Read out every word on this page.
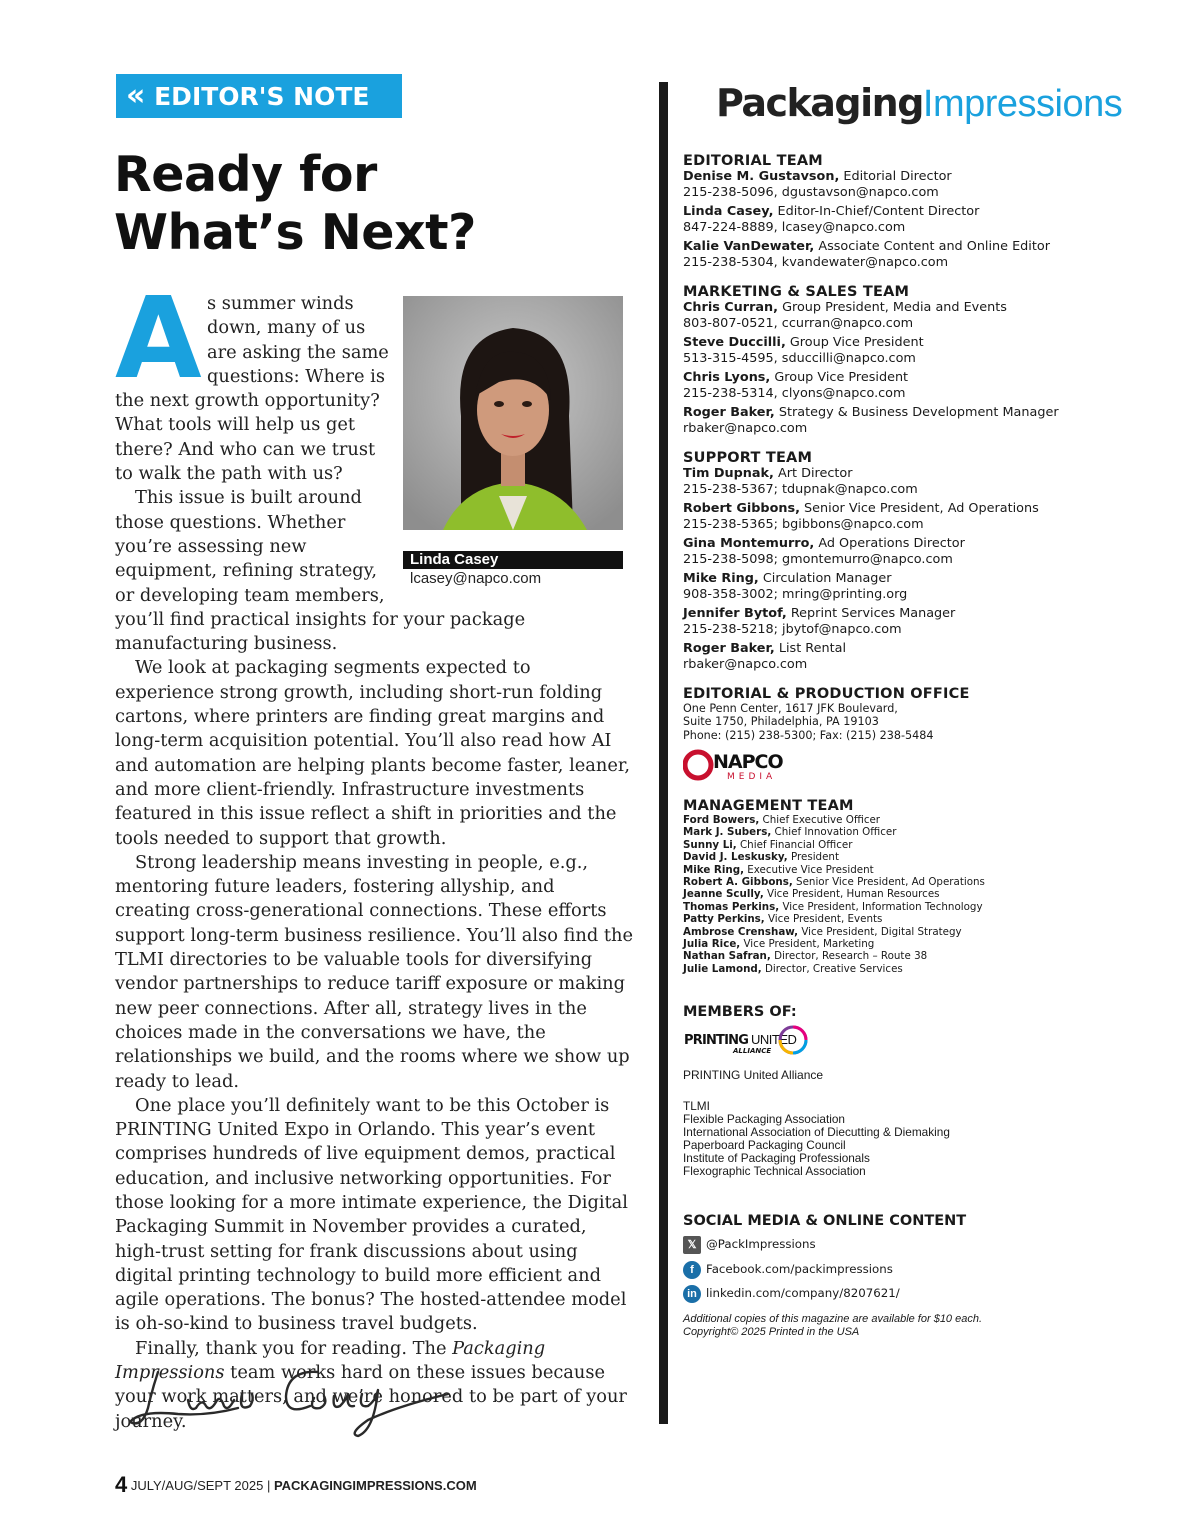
« EDITOR'S NOTE
Ready for
What’s Next?
Linda Casey
lcasey@napco.com
A s summer winds down, many of us are asking the same questions: Where is the next growth opportunity? What tools will help us get there? And who can we trust to walk the path with us?

This issue is built around those questions. Whether you’re assessing new equipment, refining strategy, or developing team members, you’ll find practical insights for your package manufacturing business.

We look at packaging segments expected to experience strong growth, including short-run folding cartons, where printers are finding great margins and long-term acquisition potential. You’ll also read how AI and automation are helping plants become faster, leaner, and more client-friendly. Infrastructure investments featured in this issue reflect a shift in priorities and the tools needed to support that growth.

Strong leadership means investing in people, e.g., mentoring future leaders, fostering allyship, and creating cross-generational connections. These efforts support long-term business resilience. You’ll also find the TLMI directories to be valuable tools for diversifying vendor partnerships to reduce tariff exposure or making new peer connections. After all, strategy lives in the choices made in the conversations we have, the relationships we build, and the rooms where we show up ready to lead.

One place you’ll definitely want to be this October is PRINTING United Expo in Orlando. This year’s event comprises hundreds of live equipment demos, practical education, and inclusive networking opportunities. For those looking for a more intimate experience, the Digital Packaging Summit in November provides a curated, high-trust setting for frank discussions about using digital printing technology to build more efficient and agile operations. The bonus? The hosted-attendee model is oh-so-kind to business travel budgets.

Finally, thank you for reading. The Packaging Impressions team works hard on these issues because your work matters, and we’re honored to be part of your journey.

4 JULY/AUG/SEPT 2025 | PACKAGINGIMPRESSIONS.COM
PackagingImpressions
EDITORIAL TEAM
Denise M. Gustavson, Editorial Director
215-238-5096, dgustavson@napco.com
Linda Casey, Editor-In-Chief/Content Director
847-224-8889, lcasey@napco.com
Kalie VanDewater, Associate Content and Online Editor
215-238-5304, kvandewater@napco.com
MARKETING & SALES TEAM
Chris Curran, Group President, Media and Events
803-807-0521, ccurran@napco.com
Steve Duccilli, Group Vice President
513-315-4595, sduccilli@napco.com
Chris Lyons, Group Vice President
215-238-5314, clyons@napco.com
Roger Baker, Strategy & Business Development Manager
rbaker@napco.com
SUPPORT TEAM
Tim Dupnak, Art Director
215-238-5367; tdupnak@napco.com
Robert Gibbons, Senior Vice President, Ad Operations
215-238-5365; bgibbons@napco.com
Gina Montemurro, Ad Operations Director
215-238-5098; gmontemurro@napco.com
Mike Ring, Circulation Manager
908-358-3002; mring@printing.org
Jennifer Bytof, Reprint Services Manager
215-238-5218; jbytof@napco.com
Roger Baker, List Rental
rbaker@napco.com
EDITORIAL & PRODUCTION OFFICE
One Penn Center, 1617 JFK Boulevard,
Suite 1750, Philadelphia, PA 19103
Phone: (215) 238-5300; Fax: (215) 238-5484
NAPCO
MEDIA
MANAGEMENT TEAM
Ford Bowers, Chief Executive Officer
Mark J. Subers, Chief Innovation Officer
Sunny Li, Chief Financial Officer
David J. Leskusky, President
Mike Ring, Executive Vice President
Robert A. Gibbons, Senior Vice President, Ad Operations
Jeanne Scully, Vice President, Human Resources
Thomas Perkins, Vice President, Information Technology
Patty Perkins, Vice President, Events
Ambrose Crenshaw, Vice President, Digital Strategy
Julia Rice, Vice President, Marketing
Nathan Safran, Director, Research – Route 38
Julie Lamond, Director, Creative Services
MEMBERS OF:
PRINTING UNITED
ALLIANCE
PRINTING United Alliance
TLMI
Flexible Packaging Association
International Association of Diecutting & Diemaking
Paperboard Packaging Council
Institute of Packaging Professionals
Flexographic Technical Association
SOCIAL MEDIA & ONLINE CONTENT
𝕏 @PackImpressions
f Facebook.com/packimpressions
in linkedin.com/company/8207621/
Additional copies of this magazine are available for $10 each.
Copyright© 2025 Printed in the USA
